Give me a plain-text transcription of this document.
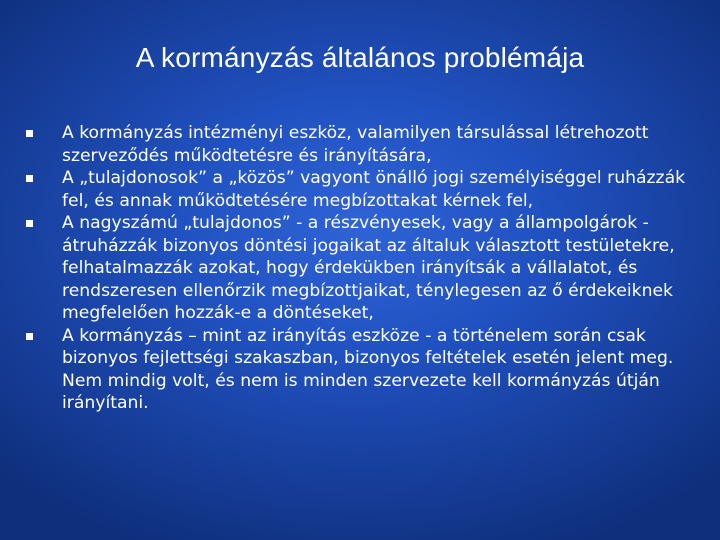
A kormányzás általános problémája
A kormányzás intézményi eszköz, valamilyen társulással létrehozott szerveződés működtetésre és irányítására,
A „tulajdonosok” a „közös” vagyont önálló jogi személyiséggel ruházzák fel, és annak működtetésére megbízottakat kérnek fel,
A nagyszámú „tulajdonos” - a részvényesek, vagy a állampolgárok - átruházzák bizonyos döntési jogaikat az általuk választott testületekre, felhatalmazzák azokat, hogy érdekükben irányítsák a vállalatot, és rendszeresen ellenőrzik megbízottjaikat, ténylegesen az ő érdekeiknek megfelelően hozzák-e a döntéseket,
A kormányzás – mint az irányítás eszköze - a történelem során csak bizonyos fejlettségi szakaszban, bizonyos feltételek esetén jelent meg. Nem mindig volt, és nem is minden szervezete kell kormányzás útján irányítani.
